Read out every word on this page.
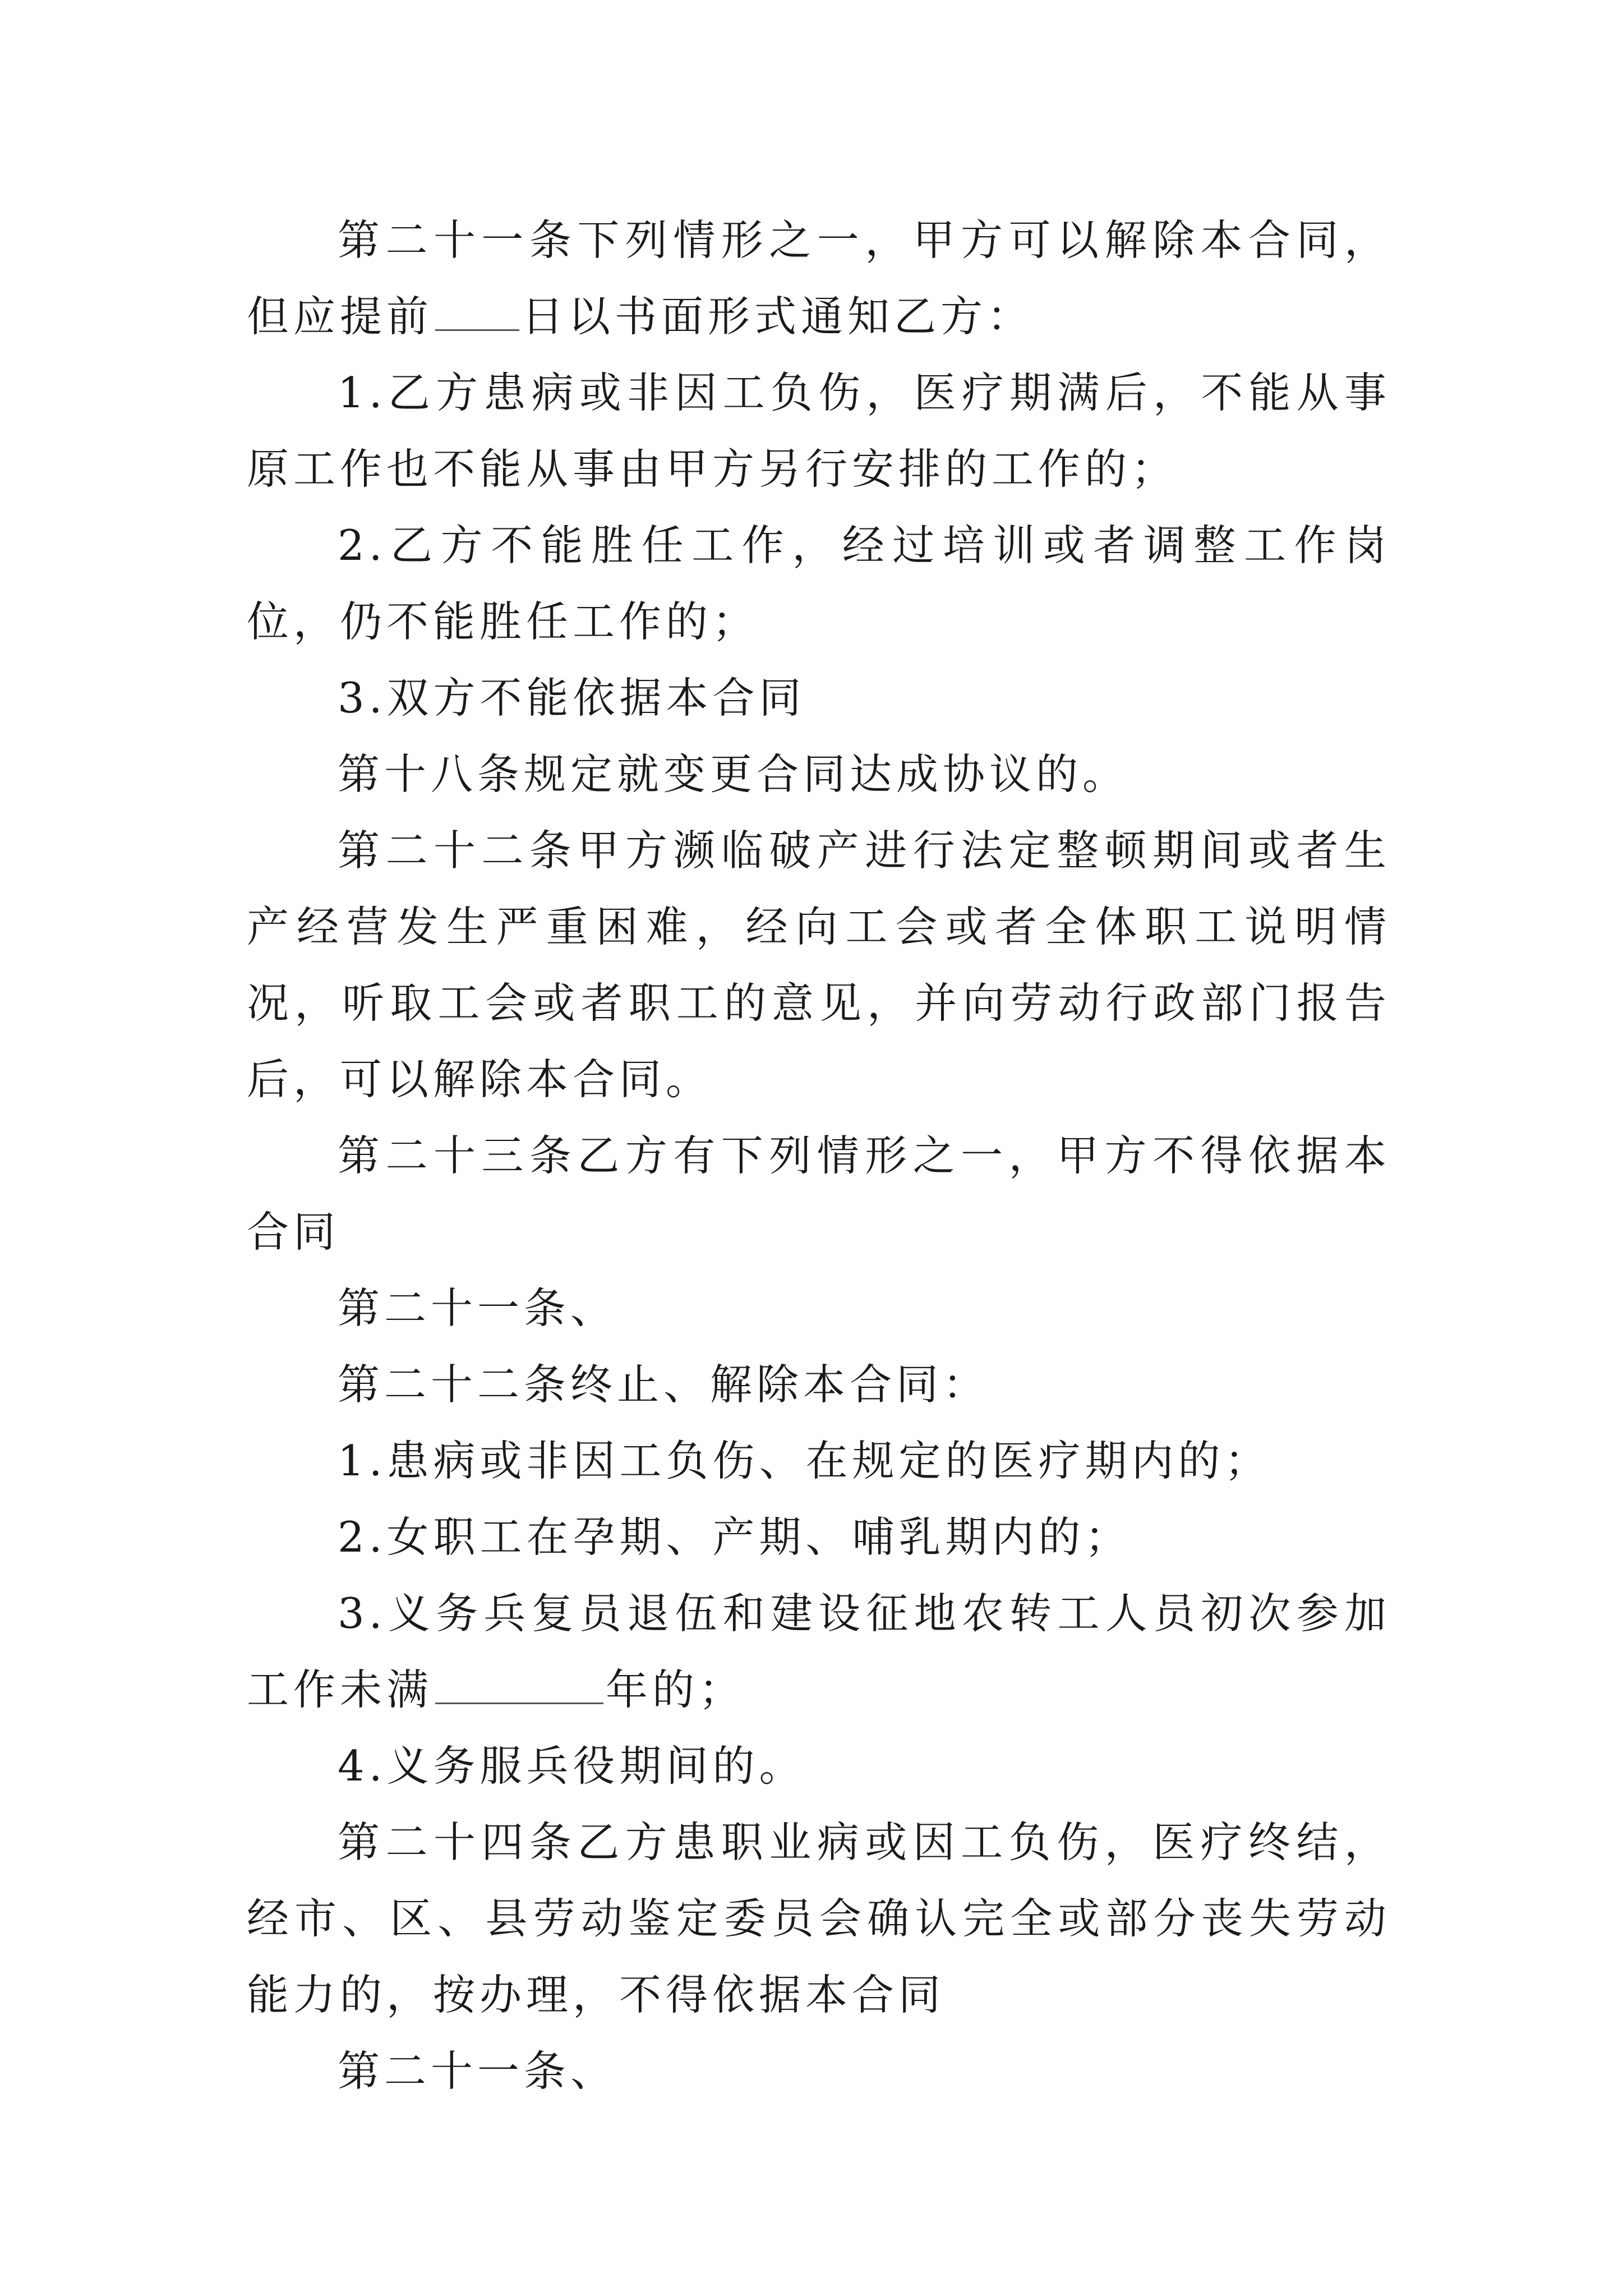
第二十一条下列情形之一，甲方可以解除本合同，但应提前 日以书面形式通知乙方：

1.乙方患病或非因工负伤，医疗期满后，不能从事原工作也不能从事由甲方另行安排的工作的；

2.乙方不能胜任工作，经过培训或者调整工作岗位，仍不能胜任工作的；

3.双方不能依据本合同

第十八条规定就变更合同达成协议的。

第二十二条甲方濒临破产进行法定整顿期间或者生产经营发生严重困难，经向工会或者全体职工说明情况，听取工会或者职工的意见，并向劳动行政部门报告后，可以解除本合同。

第二十三条乙方有下列情形之一，甲方不得依据本合同

第二十一条、

第二十二条终止、解除本合同：

1.患病或非因工负伤、在规定的医疗期内的；

2.女职工在孕期、产期、哺乳期内的；

3.义务兵复员退伍和建设征地农转工人员初次参加工作未满	年的；

4.义务服兵役期间的。

第二十四条乙方患职业病或因工负伤，医疗终结，经市、区、县劳动鉴定委员会确认完全或部分丧失劳动能力的，按办理，不得依据本合同

第二十一条、
